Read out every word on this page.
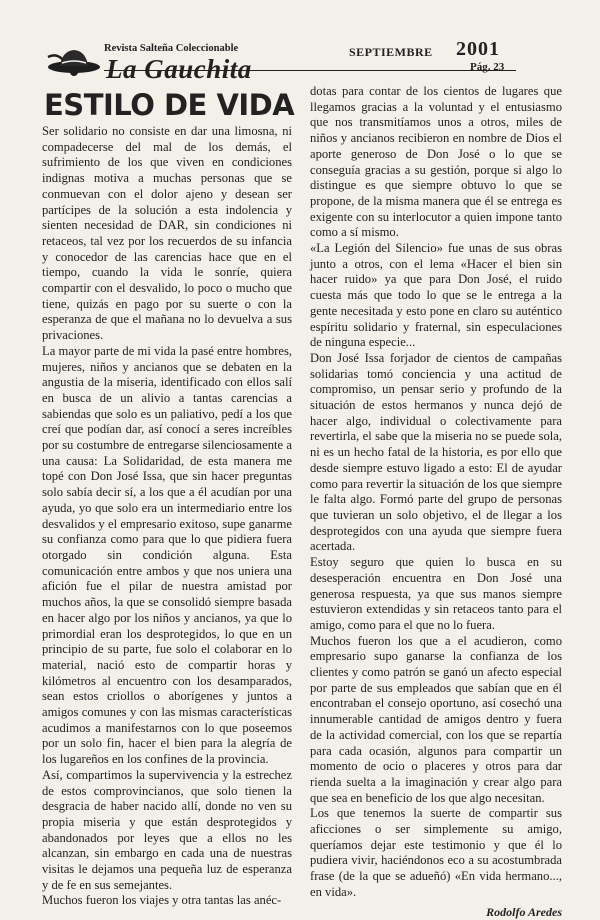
Revista Salteña Coleccionable
La Gauchita
SEPTIEMBRE 2001
Pág. 23
ESTILO DE VIDA

Ser solidario no consiste en dar una limosna, ni compadecerse del mal de los demás, el sufrimiento de los que viven en condiciones indignas motiva a muchas personas que se conmuevan con el dolor ajeno y desean ser partícipes de la solución a esta indolencia y sienten necesidad de DAR, sin condiciones ni retaceos, tal vez por los recuerdos de su infancia y conocedor de las carencias hace que en el tiempo, cuando la vida le sonríe, quiera compartir con el desvalido, lo poco o mucho que tiene, quizás en pago por su suerte o con la esperanza de que el mañana no lo devuelva a sus privaciones.

La mayor parte de mi vida la pasé entre hombres, mujeres, niños y ancianos que se debaten en la angustia de la miseria, identificado con ellos salí en busca de un alivio a tantas carencias a sabiendas que solo es un paliativo, pedí a los que creí que podían dar, así conocí a seres increíbles por su costumbre de entregarse silenciosamente a una causa: La Solidaridad, de esta manera me topé con Don José Issa, que sin hacer preguntas solo sabía decir sí, a los que a él acudían por una ayuda, yo que solo era un intermediario entre los desvalidos y el empresario exitoso, supe ganarme su confianza como para que lo que pidiera fuera otorgado sin condición alguna. Esta comunicación entre ambos y que nos uniera una afición fue el pilar de nuestra amistad por muchos años, la que se consolidó siempre basada en hacer algo por los niños y ancianos, ya que lo primordial eran los desprotegidos, lo que en un principio de su parte, fue solo el colaborar en lo material, nació esto de compartir horas y kilómetros al encuentro con los desamparados, sean estos criollos o aborígenes y juntos a amigos comunes y con las mismas características acudimos a manifestarnos con lo que poseemos por un solo fin, hacer el bien para la alegría de los lugareños en los confines de la provincia.

Así, compartimos la supervivencia y la estrechez de estos comprovincianos, que solo tienen la desgracia de haber nacido allí, donde no ven su propia miseria y que están desprotegidos y abandonados por leyes que a ellos no les alcanzan, sin embargo en cada una de nuestras visitas le dejamos una pequeña luz de esperanza y de fe en sus semejantes.

Muchos fueron los viajes y otra tantas las anéc-

dotas para contar de los cientos de lugares que llegamos gracias a la voluntad y el entusiasmo que nos transmitíamos unos a otros, miles de niños y ancianos recibieron en nombre de Dios el aporte generoso de Don José o lo que se conseguía gracias a su gestión, porque si algo lo distingue es que siempre obtuvo lo que se propone, de la misma manera que él se entrega es exigente con su interlocutor a quien impone tanto como a sí mismo.

«La Legión del Silencio» fue unas de sus obras junto a otros, con el lema «Hacer el bien sin hacer ruido» ya que para Don José, el ruido cuesta más que todo lo que se le entrega a la gente necesitada y esto pone en claro su auténtico espíritu solidario y fraternal, sin especulaciones de ninguna especie...

Don José Issa forjador de cientos de campañas solidarias tomó conciencia y una actitud de compromiso, un pensar serio y profundo de la situación de estos hermanos y nunca dejó de hacer algo, individual o colectivamente para revertirla, el sabe que la miseria no se puede sola, ni es un hecho fatal de la historia, es por ello que desde siempre estuvo ligado a esto: El de ayudar como para revertir la situación de los que siempre le falta algo. Formó parte del grupo de personas que tuvieran un solo objetivo, el de llegar a los desprotegidos con una ayuda que siempre fuera acertada.

Estoy seguro que quien lo busca en su desesperación encuentra en Don José una generosa respuesta, ya que sus manos siempre estuvieron extendidas y sin retaceos tanto para el amigo, como para el que no lo fuera.

Muchos fueron los que a el acudieron, como empresario supo ganarse la confianza de los clientes y como patrón se ganó un afecto especial por parte de sus empleados que sabían que en él encontraban el consejo oportuno, así cosechó una innumerable cantidad de amigos dentro y fuera de la actividad comercial, con los que se repartía para cada ocasión, algunos para compartir un momento de ocio o placeres y otros para dar rienda suelta a la imaginación y crear algo para que sea en beneficio de los que algo necesitan.

Los que tenemos la suerte de compartir sus aficciones o ser simplemente su amigo, queríamos dejar este testimonio y que él lo pudiera vivir, haciéndonos eco a su acostumbrada frase (de la que se adueñó) «En vida hermano..., en vida».

Rodolfo Aredes
